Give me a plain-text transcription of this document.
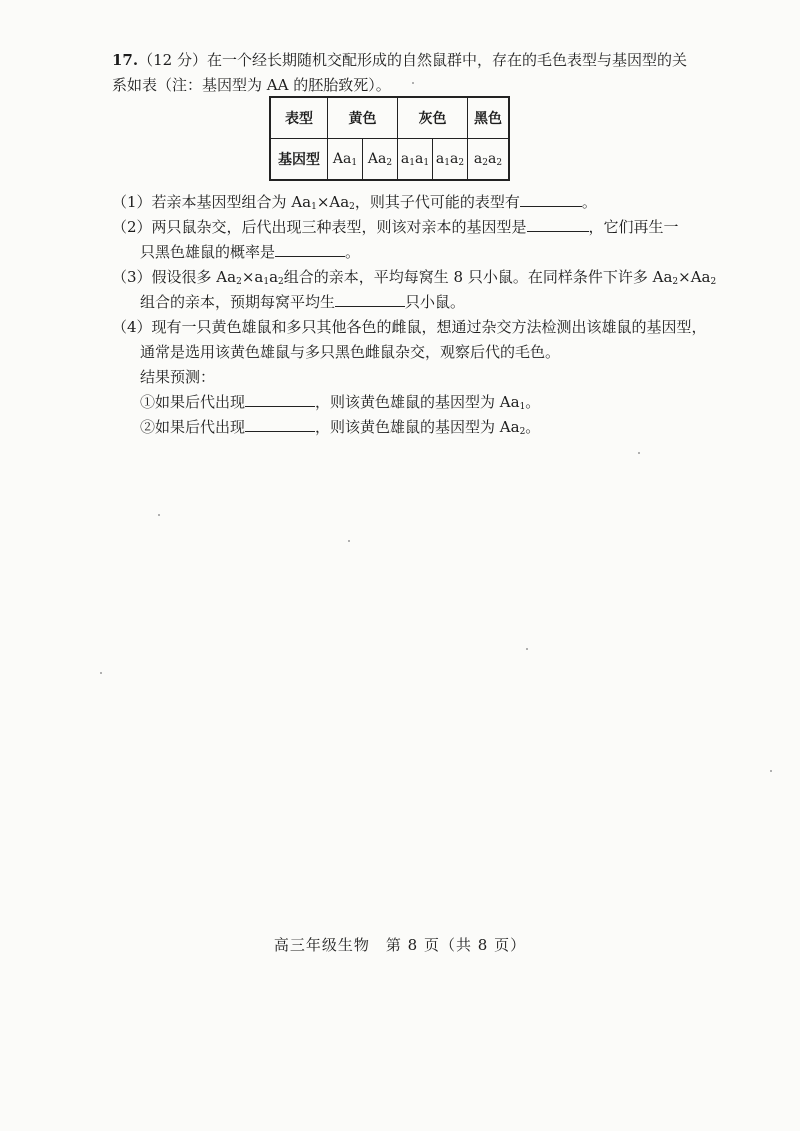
17.（12 分）在一个经长期随机交配形成的自然鼠群中，存在的毛色表型与基因型的关
系如表（注：基因型为 AA 的胚胎致死）。
表型	黄色		灰色		黑色
基因型	$Aa_1$	$Aa_2$	$a_1a_1$	$a_1a_2$	$a_2a_2$
（1）若亲本基因型组合为 $Aa_1\times Aa_2$，则其子代可能的表型有	。
（2）两只鼠杂交，后代出现三种表型，则该对亲本的基因型是	，它们再生一
只黑色雄鼠的概率是	。
（3）假设很多 $Aa_2\times a_1a_2$组合的亲本，平均每窝生 8 只小鼠。在同样条件下许多 $Aa_2\times Aa_2$
组合的亲本，预期每窝平均生	只小鼠。
（4）现有一只黄色雄鼠和多只其他各色的雌鼠，想通过杂交方法检测出该雄鼠的基因型，
通常是选用该黄色雄鼠与多只黑色雌鼠杂交，观察后代的毛色。
结果预测：
①如果后代出现	，则该黄色雄鼠的基因型为 $Aa_1$。
②如果后代出现	，则该黄色雄鼠的基因型为 $Aa_2$。
高三年级生物　第 8 页（共 8 页）
